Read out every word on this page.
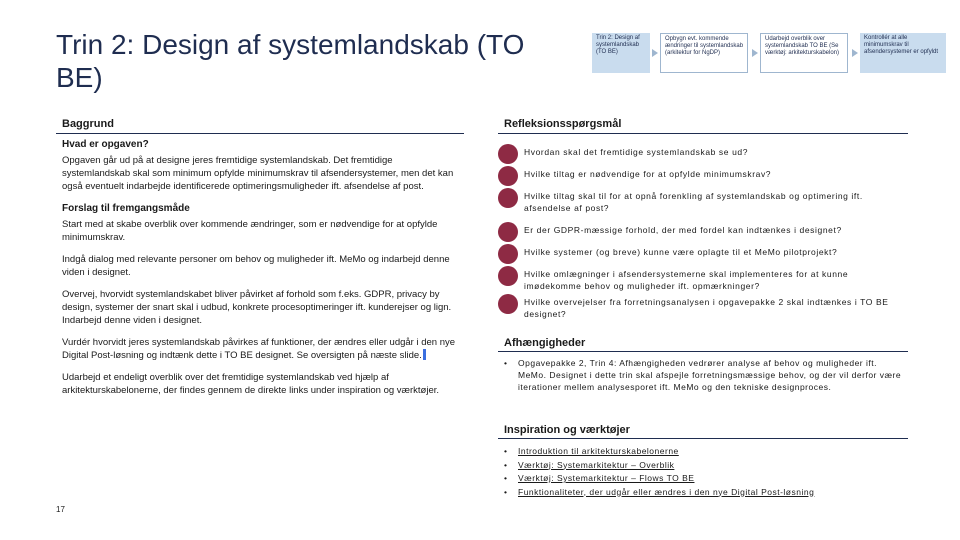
Trin 2: Design af systemlandskab (TO BE)
Trin 2: Design af systemlandskab (TO BE)
Opbygn evt. kommende ændringer til systemlandskab (arkitektur for NgDP)
Udarbejd overblik over systemlandskab TO BE (Se værktøj: arkitekturskabelon)
Kontrollér at alle minimumskrav til afsendersystemer er opfyldt
Baggrund
Hvad er opgaven?

Opgaven går ud på at designe jeres fremtidige systemlandskab. Det fremtidige systemlandskab skal som minimum opfylde minimumskrav til afsendersystemer, men det kan også eventuelt indarbejde identificerede optimeringsmuligheder ift. afsendelse af post.

Forslag til fremgangsmåde

Start med at skabe overblik over kommende ændringer, som er nødvendige for at opfylde minimumskrav.

Indgå dialog med relevante personer om behov og muligheder ift. MeMo og indarbejd denne viden i designet.

Overvej, hvorvidt systemlandskabet bliver påvirket af forhold som f.eks. GDPR, privacy by design, systemer der snart skal i udbud, konkrete procesoptimeringer ift. kunderejser og lign. Indarbejd denne viden i designet.

Vurdér hvorvidt jeres systemlandskab påvirkes af funktioner, der ændres eller udgår i den nye Digital Post-løsning og indtænk dette i TO BE designet. Se oversigten på næste slide.

Udarbejd et endeligt overblik over det fremtidige systemlandskab ved hjælp af arkitekturskabelonerne, der findes gennem de direkte links under inspiration og værktøjer.

Refleksionsspørgsmål
Hvordan skal det fremtidige systemlandskab se ud?
Hvilke tiltag er nødvendige for at opfylde minimumskrav?
Hvilke tiltag skal til for at opnå forenkling af systemlandskab og optimering ift. afsendelse af post?
Er der GDPR-mæssige forhold, der med fordel kan indtænkes i designet?
Hvilke systemer (og breve) kunne være oplagte til et MeMo pilotprojekt?
Hvilke omlægninger i afsendersystemerne skal implementeres for at kunne imødekomme behov og muligheder ift. opmærkninger?
Hvilke overvejelser fra forretningsanalysen i opgavepakke 2 skal indtænkes i TO BE designet?
Afhængigheder
• Opgavepakke 2, Trin 4: Afhængigheden vedrører analyse af behov og muligheder ift. MeMo. Designet i dette trin skal afspejle forretningsmæssige behov, og der vil derfor være iterationer mellem analysesporet ift. MeMo og den tekniske designproces.
Inspiration og værktøjer
• Introduktion til arkitekturskabelonerne
• Værktøj: Systemarkitektur – Overblik
• Værktøj: Systemarkitektur – Flows TO BE
• Funktionaliteter, der udgår eller ændres i den nye Digital Post-løsning
17
